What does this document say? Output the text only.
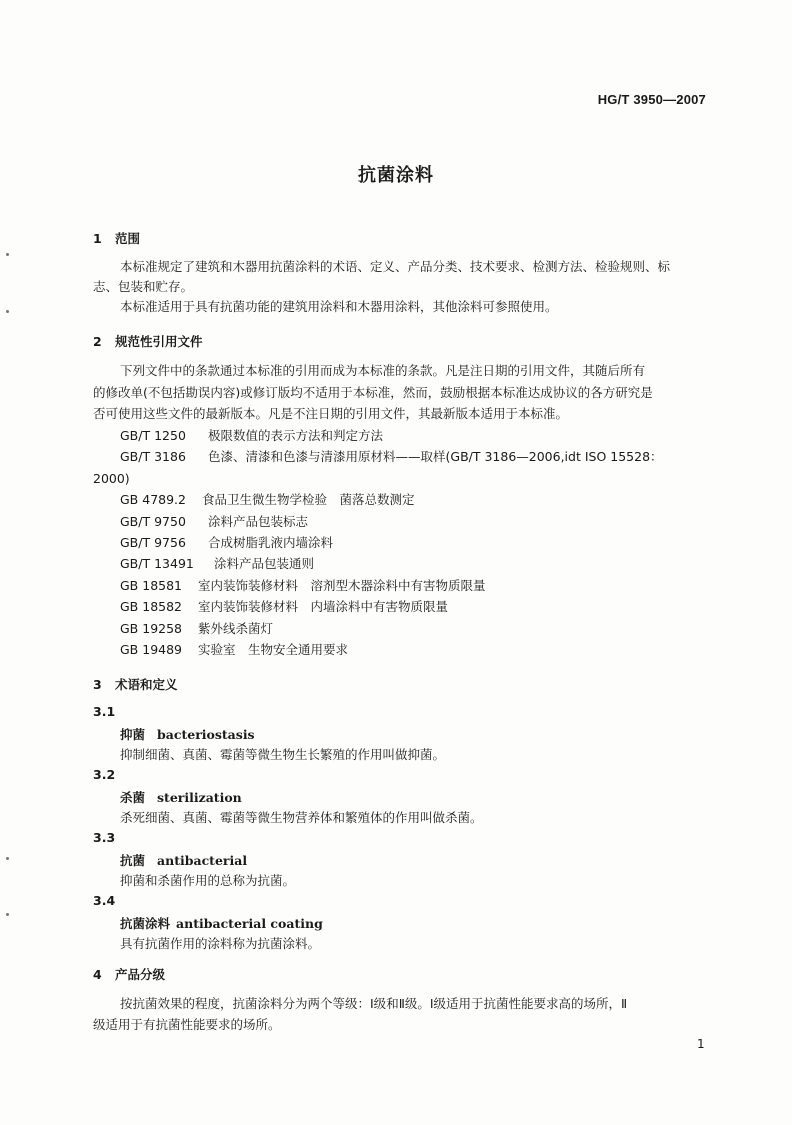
HG/T 3950—2007
抗菌涂料
1 范围
本标准规定了建筑和木器用抗菌涂料的术语、定义、产品分类、技术要求、检测方法、检验规则、标
志、包装和贮存。
本标准适用于具有抗菌功能的建筑用涂料和木器用涂料，其他涂料可参照使用。
2 规范性引用文件
下列文件中的条款通过本标准的引用而成为本标准的条款。凡是注日期的引用文件，其随后所有
的修改单(不包括勘误内容)或修订版均不适用于本标准，然而，鼓励根据本标准达成协议的各方研究是
否可使用这些文件的最新版本。凡是不注日期的引用文件，其最新版本适用于本标准。
GB/T 1250 极限数值的表示方法和判定方法
GB/T 3186 色漆、清漆和色漆与清漆用原材料——取样(GB/T 3186—2006,idt ISO 15528：
2000)
GB 4789.2 食品卫生微生物学检验　菌落总数测定
GB/T 9750 涂料产品包装标志
GB/T 9756 合成树脂乳液内墙涂料
GB/T 13491 涂料产品包装通则
GB 18581 室内装饰装修材料　溶剂型木器涂料中有害物质限量
GB 18582 室内装饰装修材料　内墙涂料中有害物质限量
GB 19258 紫外线杀菌灯
GB 19489 实验室　生物安全通用要求
3 术语和定义
3.1
抑菌 bacteriostasis
抑制细菌、真菌、霉菌等微生物生长繁殖的作用叫做抑菌。
3.2
杀菌 sterilization
杀死细菌、真菌、霉菌等微生物营养体和繁殖体的作用叫做杀菌。
3.3
抗菌 antibacterial
抑菌和杀菌作用的总称为抗菌。
3.4
抗菌涂料 antibacterial coating
具有抗菌作用的涂料称为抗菌涂料。
4 产品分级
按抗菌效果的程度，抗菌涂料分为两个等级：Ⅰ级和Ⅱ级。Ⅰ级适用于抗菌性能要求高的场所，Ⅱ
级适用于有抗菌性能要求的场所。
1
